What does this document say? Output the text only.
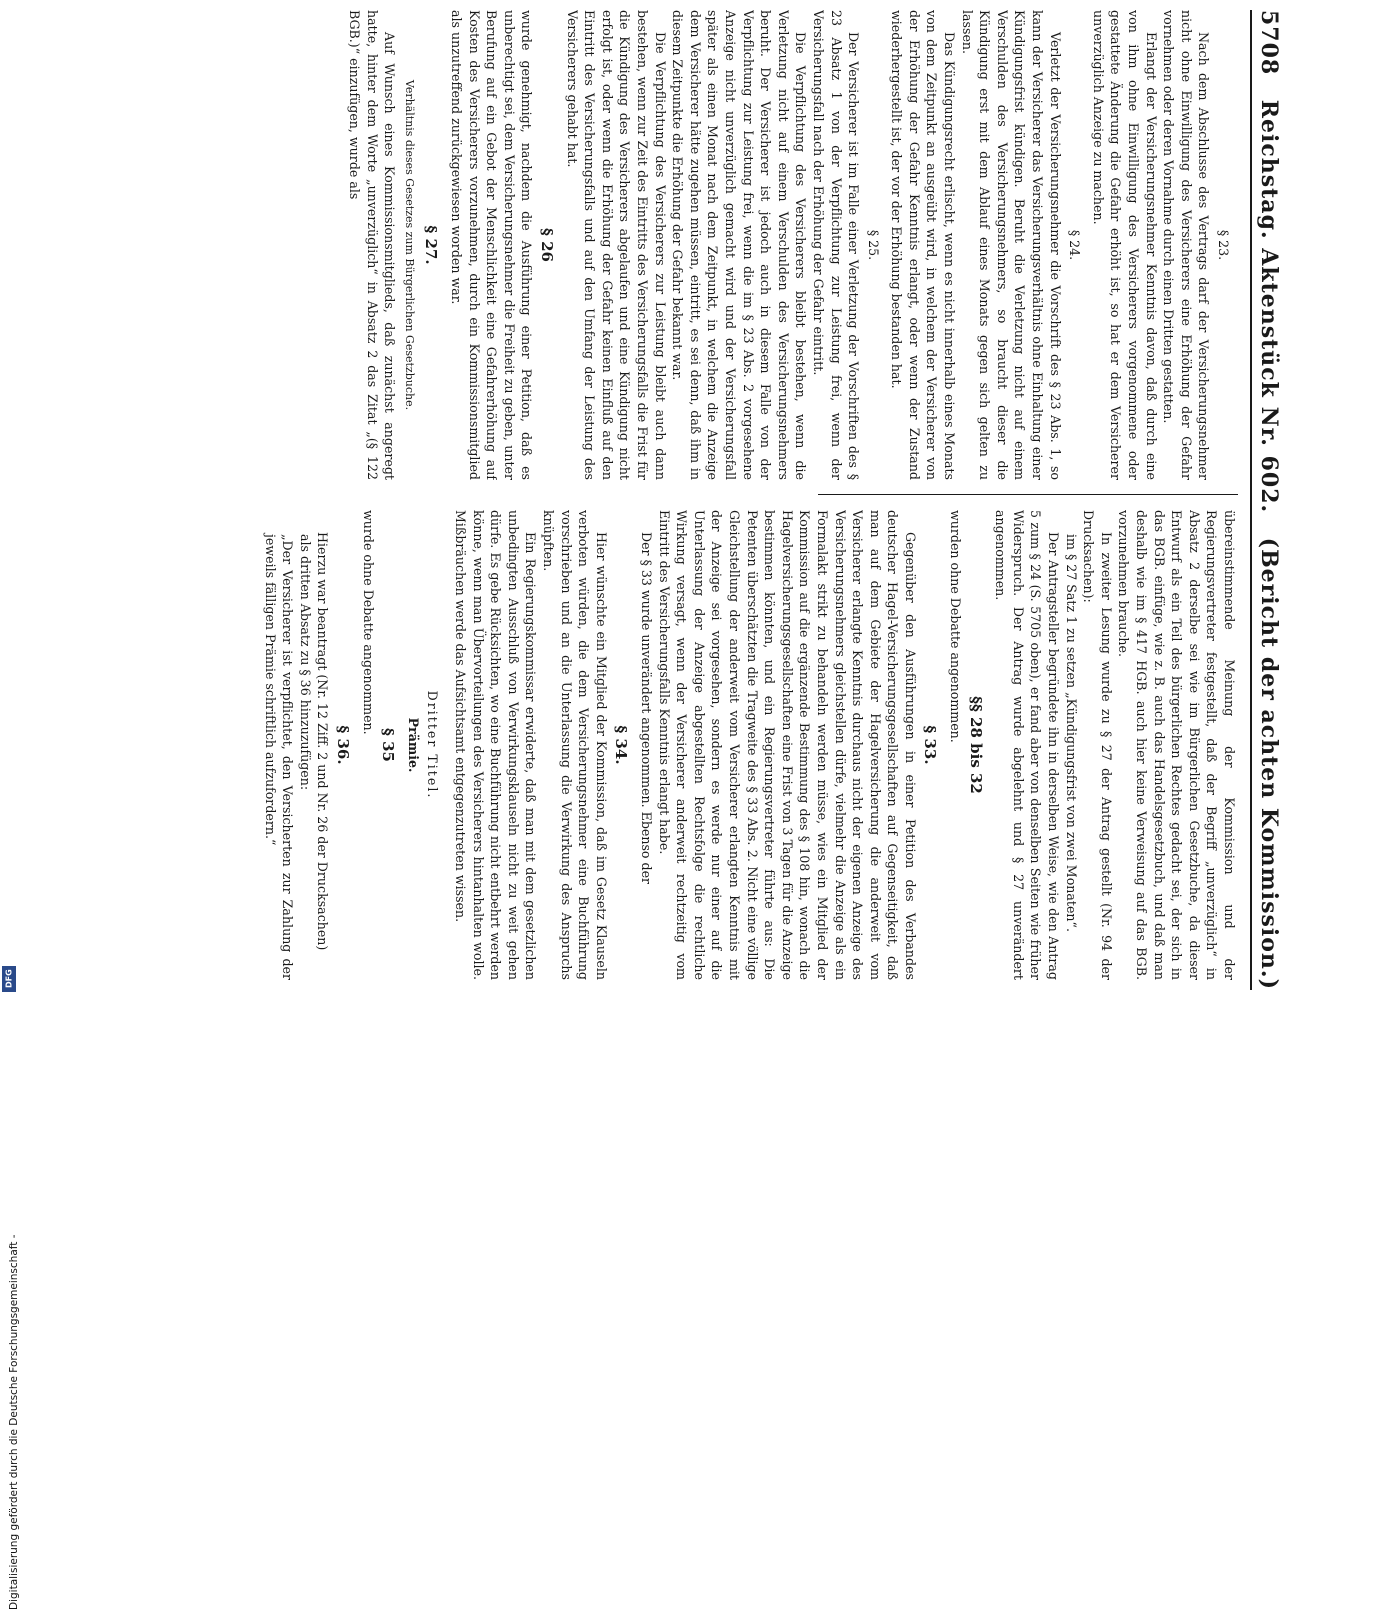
5708
Reichstag. Aktenstück Nr. 602.
(Bericht der achten Kommission.)
§ 23.

Nach dem Abschlusse des Vertrags darf der Versicherungsnehmer nicht ohne Einwilligung des Versicherers eine Erhöhung der Gefahr vornehmen oder deren Vornahme durch einen Dritten gestatten.

Erlangt der Versicherungsnehmer Kenntnis davon, daß durch eine von ihm ohne Einwilligung des Versicherers vorgenommene oder gestattete Änderung die Gefahr erhöht ist, so hat er dem Versicherer unverzüglich Anzeige zu machen.

§ 24.

Verletzt der Versicherungsnehmer die Vorschrift des § 23 Abs. 1, so kann der Versicherer das Versicherungsverhältnis ohne Einhaltung einer Kündigungsfrist kündigen. Beruht die Verletzung nicht auf einem Verschulden des Versicherungsnehmers, so braucht dieser die Kündigung erst mit dem Ablauf eines Monats gegen sich gelten zu lassen.

Das Kündigungsrecht erlischt, wenn es nicht innerhalb eines Monats von dem Zeitpunkt an ausgeübt wird, in welchem der Versicherer von der Erhöhung der Gefahr Kenntnis erlangt, oder wenn der Zustand wiederhergestellt ist, der vor der Erhöhung bestanden hat.

§ 25.

Der Versicherer ist im Falle einer Verletzung der Vorschriften des § 23 Absatz 1 von der Verpflichtung zur Leistung frei, wenn der Versicherungsfall nach der Erhöhung der Gefahr eintritt.

Die Verpflichtung des Versicherers bleibt bestehen, wenn die Verletzung nicht auf einem Verschulden des Versicherungsnehmers beruht. Der Versicherer ist jedoch auch in diesem Falle von der Verpflichtung zur Leistung frei, wenn die im § 23 Abs. 2 vorgesehene Anzeige nicht unverzüglich gemacht wird und der Versicherungsfall später als einen Monat nach dem Zeitpunkt, in welchem die Anzeige dem Versicherer hätte zugehen müssen, eintritt, es sei denn, daß ihm in diesem Zeitpunkte die Erhöhung der Gefahr bekannt war.

Die Verpflichtung des Versicherers zur Leistung bleibt auch dann bestehen, wenn zur Zeit des Eintritts des Versicherungsfalls die Frist für die Kündigung des Versicherers abgelaufen und eine Kündigung nicht erfolgt ist, oder wenn die Erhöhung der Gefahr keinen Einfluß auf den Eintritt des Versicherungsfalls und auf den Umfang der Leistung des Versicherers gehabt hat.

§ 26

wurde genehmigt, nachdem die Ausführung einer Petition, daß es unberechtigt sei, dem Versicherungsnehmer die Freiheit zu geben, unter Berufung auf ein Gebot der Menschlichkeit eine Gefahrerhöhung auf Kosten des Versicherers vorzunehmen, durch ein Kommissionsmitglied als unzutreffend zurückgewiesen worden war.

§ 27.
Verhältnis dieses Gesetzes zum Bürgerlichen Gesetzbuche.

Auf Wunsch eines Kommissionsmitglieds, daß zunächst angeregt hatte, hinter dem Worte „unverzüglich“ in Absatz 2 das Zitat „(§ 122 BGB.)“ einzufügen, wurde als

übereinstimmende Meinung der Kommission und der Regierungsvertreter festgestellt, daß der Begriff „unverzüglich“ in Absatz 2 derselbe sei wie im Bürgerlichen Gesetzbuche, da dieser Entwurf als ein Teil des bürgerlichen Rechtes gedacht sei, der sich in das BGB. einfüge, wie z. B. auch das Handelsgesetzbuch, und daß man deshalb wie im § 417 HGB. auch hier keine Verweisung auf das BGB. vorzunehmen brauche.

In zweiter Lesung wurde zu § 27 der Antrag gestellt (Nr. 94 der Drucksachen):

im § 27 Satz 1 zu setzen „Kündigungsfrist von zwei Monaten“.

Der Antragsteller begründete ihn in derselben Weise, wie den Antrag 5 zum § 24 (S. 5705 oben), er fand aber von denselben Seiten wie früher Widerspruch. Der Antrag wurde abgelehnt und § 27 unverändert angenommen.

§§ 28 bis 32

wurden ohne Debatte angenommen.

§ 33.

Gegenüber den Ausführungen in einer Petition des Verbandes deutscher Hagel-Versicherungsgesellschaften auf Gegenseitigkeit, daß man auf dem Gebiete der Hagelversicherung die anderweit vom Versicherer erlangte Kenntnis durchaus nicht der eigenen Anzeige des Versicherungsnehmers gleichstellen dürfe, vielmehr die Anzeige als ein Formalakt strikt zu behandeln werden müsse, wies ein Mitglied der Kommission auf die ergänzende Bestimmung des § 108 hin, wonach die Hagelversicherungsgesellschaften eine Frist von 3 Tagen für die Anzeige bestimmen könnten, und ein Regierungsvertreter führte aus: Die Petenten überschätzten die Tragweite des § 33 Abs. 2. Nicht eine völlige Gleichstellung der anderweit vom Versicherer erlangten Kenntnis mit der Anzeige sei vorgesehen, sondern es werde nur einer auf die Unterlassung der Anzeige abgestellten Rechtsfolge die rechtliche Wirkung versagt, wenn der Versicherer anderweit rechtzeitig vom Eintritt des Versicherungsfalls Kenntnis erlangt habe.

Der § 33 wurde unverändert angenommen. Ebenso der

§ 34.

Hier wünschte ein Mitglied der Kommission, daß im Gesetz Klauseln verboten würden, die dem Versicherungsnehmer eine Buchführung vorschrieben und an die Unterlassung die Verwirkung des Anspruchs knüpften.

Ein Regierungskommissar erwiderte, daß man mit dem gesetzlichen unbedingten Ausschluß von Verwirkungsklauseln nicht zu weit gehen dürfe. Es gebe Rücksichten, wo eine Buchführung nicht entbehrt werden könne, wenn man Übervorteilungen des Versicherers hintanhalten wolle. Mißbräuchen werde das Aufsichtsamt entgegenzutreten wissen.

Dritter Titel.
Prämie.
§ 35

wurde ohne Debatte angenommen.

§ 36.

Hierzu war beantragt (Nr. 12 Ziff. 2 und Nr. 26 der Drucksachen)

als dritten Absatz zu § 36 hinzuzufügen:

„Der Versicherer ist verpflichtet, den Versicherten zur Zahlung der jeweils fälligen Prämie schriftlich aufzufordern.“

DFG
Digitalisierung gefördert durch die Deutsche Forschungsgemeinschaft -
